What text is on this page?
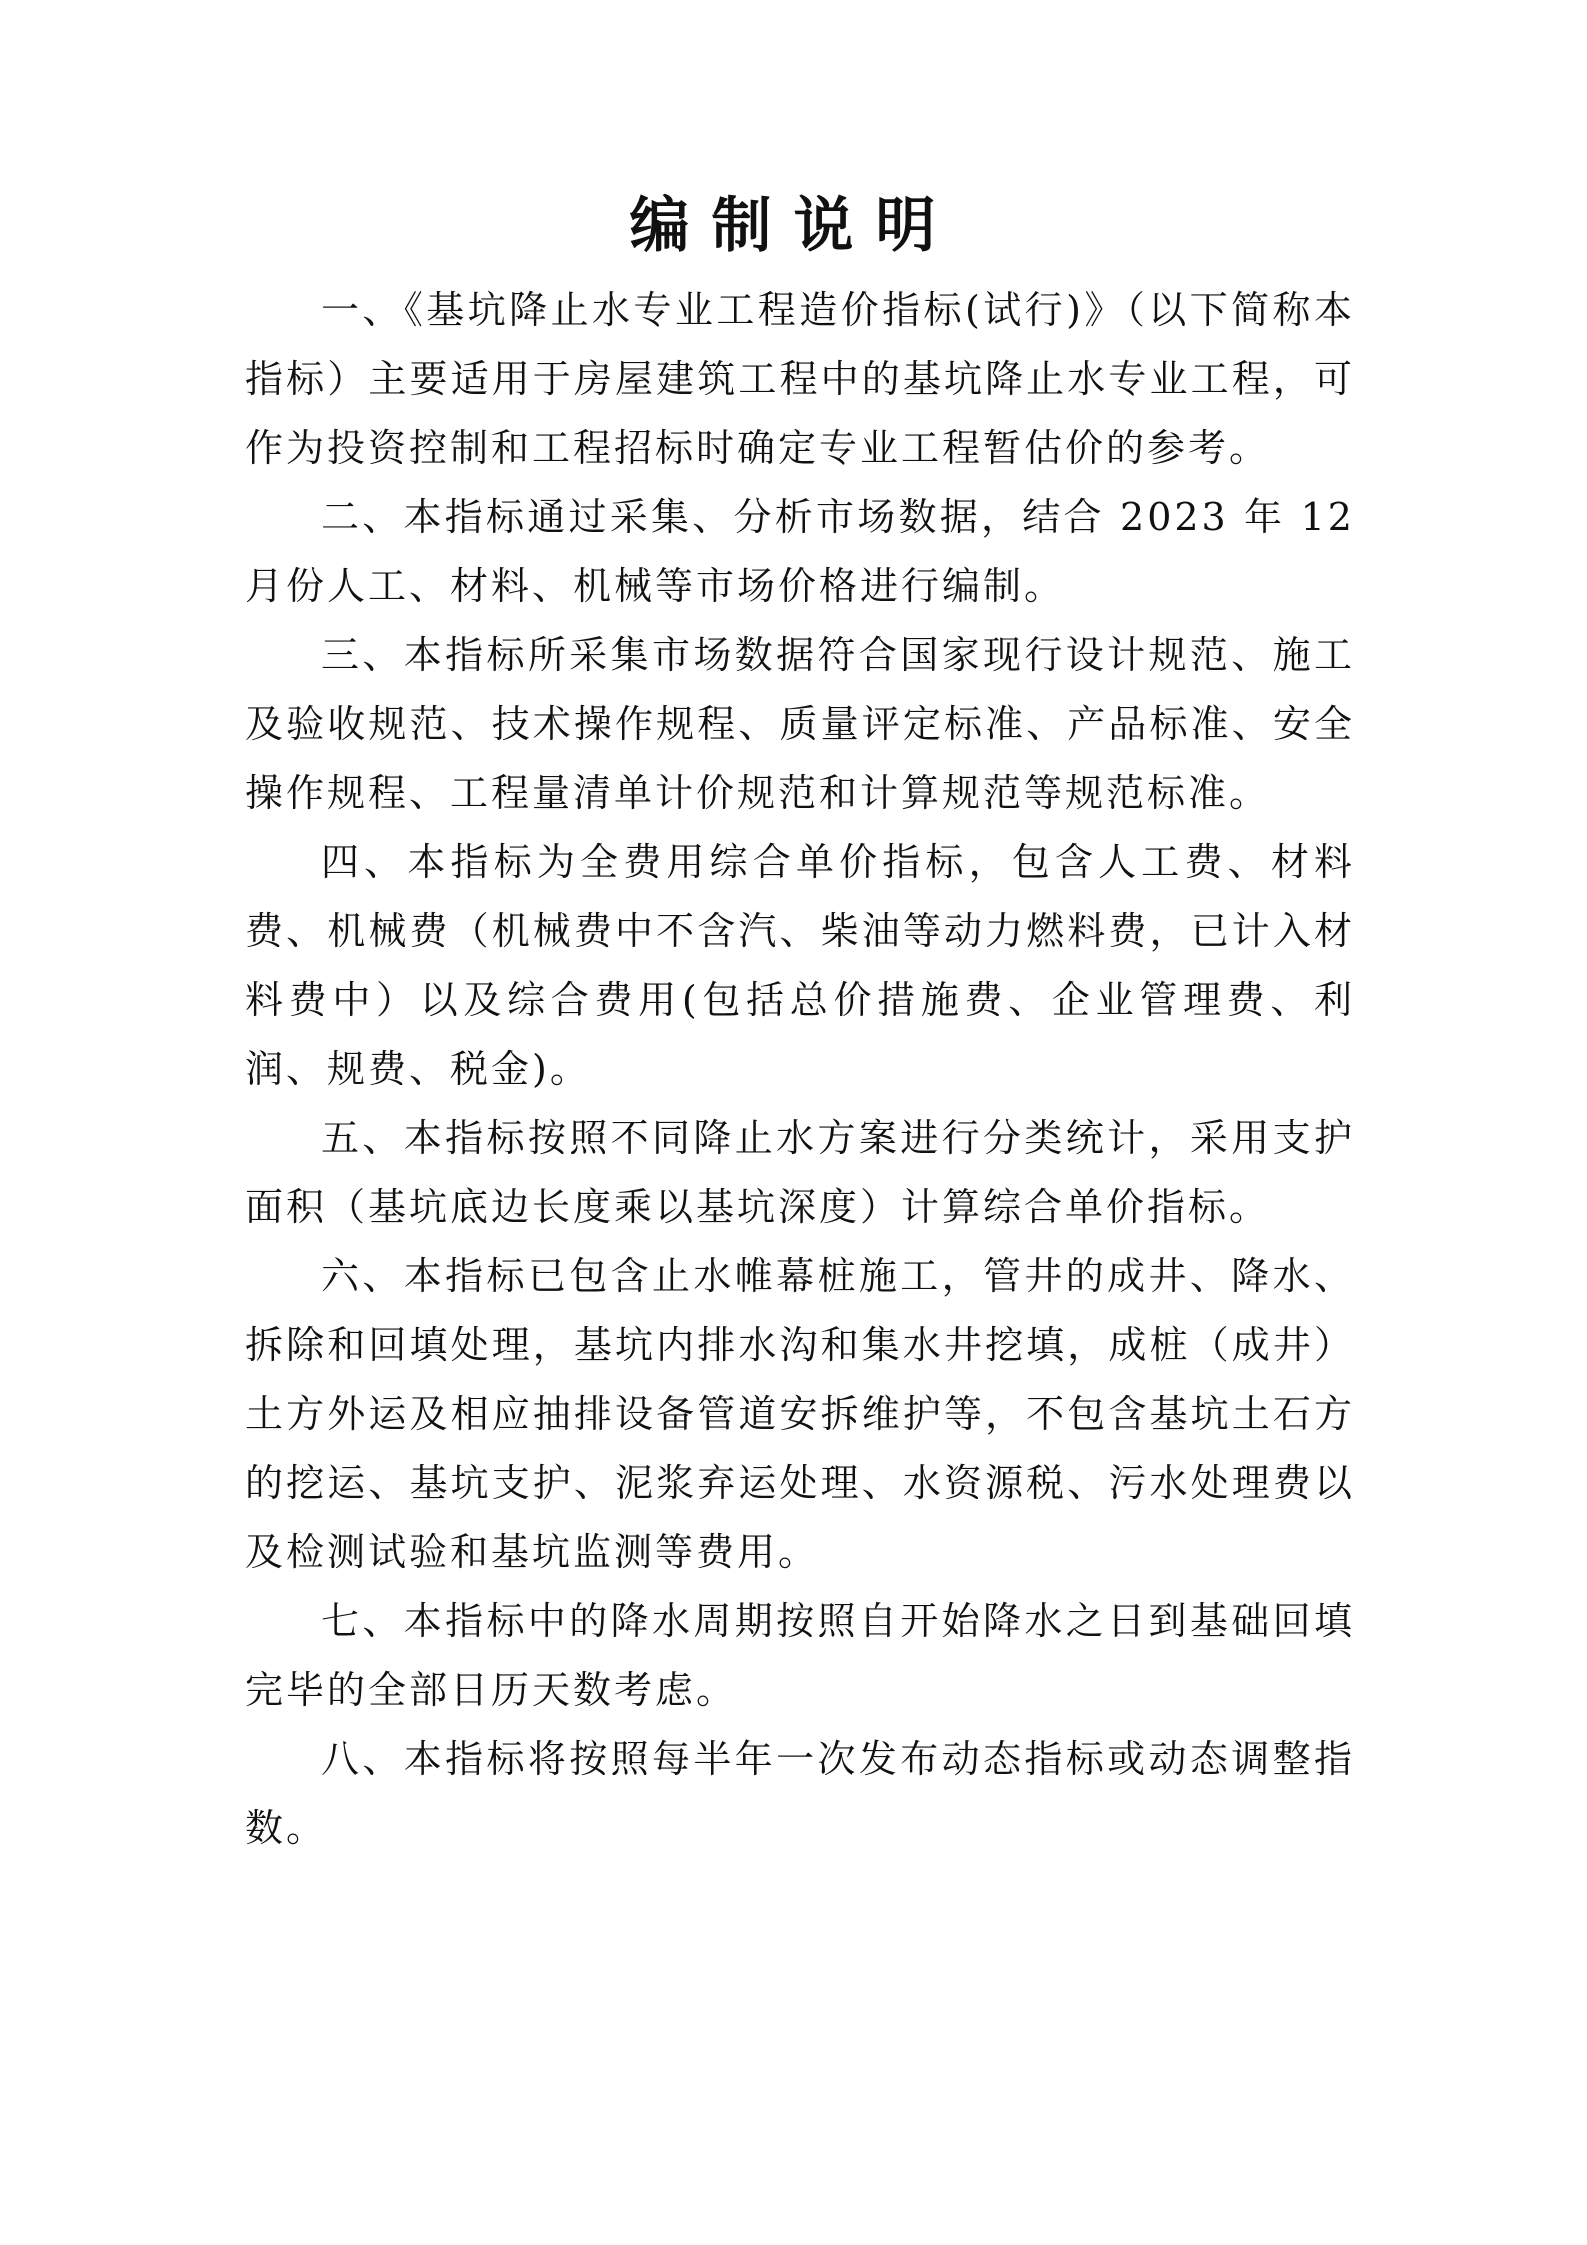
编制说明

一、《基坑降止水专业工程造价指标(试行)》（以下简称本指标）主要适用于房屋建筑工程中的基坑降止水专业工程，可作为投资控制和工程招标时确定专业工程暂估价的参考。

二、本指标通过采集、分析市场数据，结合 2023 年 12 月份人工、材料、机械等市场价格进行编制。

三、本指标所采集市场数据符合国家现行设计规范、施工及验收规范、技术操作规程、质量评定标准、产品标准、安全操作规程、工程量清单计价规范和计算规范等规范标准。

四、本指标为全费用综合单价指标，包含人工费、材料费、机械费（机械费中不含汽、柴油等动力燃料费，已计入材料费中）以及综合费用(包括总价措施费、企业管理费、利润、规费、税金)。

五、本指标按照不同降止水方案进行分类统计，采用支护面积（基坑底边长度乘以基坑深度）计算综合单价指标。

六、本指标已包含止水帷幕桩施工，管井的成井、降水、拆除和回填处理，基坑内排水沟和集水井挖填，成桩（成井）土方外运及相应抽排设备管道安拆维护等，不包含基坑土石方的挖运、基坑支护、泥浆弃运处理、水资源税、污水处理费以及检测试验和基坑监测等费用。

七、本指标中的降水周期按照自开始降水之日到基础回填完毕的全部日历天数考虑。

八、本指标将按照每半年一次发布动态指标或动态调整指数。
